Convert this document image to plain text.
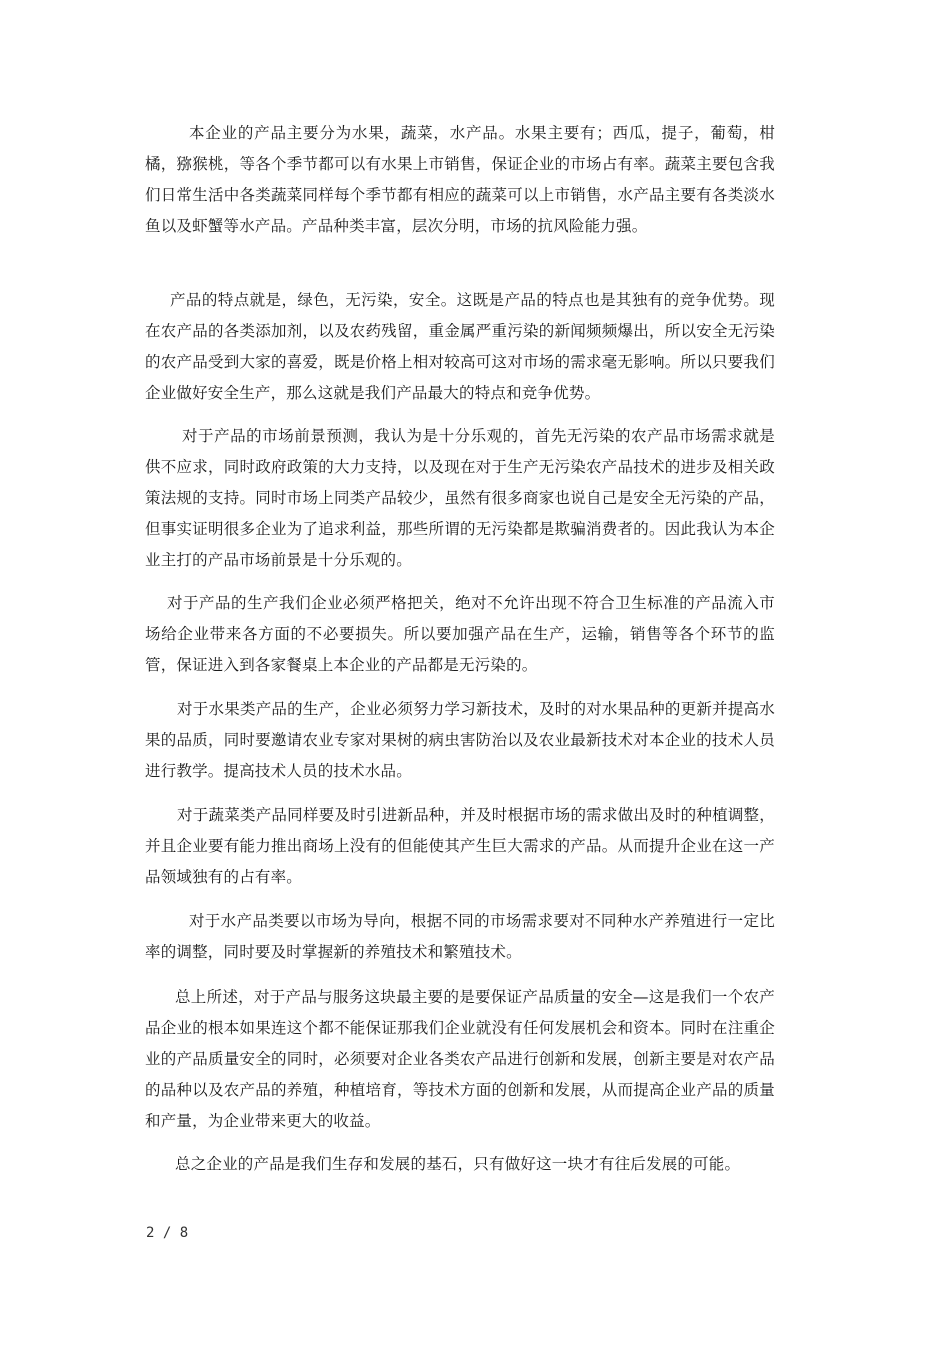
本企业的产品主要分为水果，蔬菜，水产品。水果主要有；西瓜，提子，葡萄，柑橘，猕猴桃，等各个季节都可以有水果上市销售，保证企业的市场占有率。蔬菜主要包含我们日常生活中各类蔬菜同样每个季节都有相应的蔬菜可以上市销售，水产品主要有各类淡水鱼以及虾蟹等水产品。产品种类丰富，层次分明，市场的抗风险能力强。

产品的特点就是，绿色，无污染，安全。这既是产品的特点也是其独有的竞争优势。现在农产品的各类添加剂，以及农药残留，重金属严重污染的新闻频频爆出，所以安全无污染的农产品受到大家的喜爱，既是价格上相对较高可这对市场的需求毫无影响。所以只要我们企业做好安全生产，那么这就是我们产品最大的特点和竞争优势。

对于产品的市场前景预测，我认为是十分乐观的，首先无污染的农产品市场需求就是供不应求，同时政府政策的大力支持，以及现在对于生产无污染农产品技术的进步及相关政策法规的支持。同时市场上同类产品较少，虽然有很多商家也说自己是安全无污染的产品，但事实证明很多企业为了追求利益，那些所谓的无污染都是欺骗消费者的。因此我认为本企业主打的产品市场前景是十分乐观的。

对于产品的生产我们企业必须严格把关，绝对不允许出现不符合卫生标准的产品流入市场给企业带来各方面的不必要损失。所以要加强产品在生产，运输，销售等各个环节的监管，保证进入到各家餐桌上本企业的产品都是无污染的。

对于水果类产品的生产，企业必须努力学习新技术，及时的对水果品种的更新并提高水果的品质，同时要邀请农业专家对果树的病虫害防治以及农业最新技术对本企业的技术人员进行教学。提高技术人员的技术水品。

对于蔬菜类产品同样要及时引进新品种，并及时根据市场的需求做出及时的种植调整，并且企业要有能力推出商场上没有的但能使其产生巨大需求的产品。从而提升企业在这一产品领域独有的占有率。

对于水产品类要以市场为导向，根据不同的市场需求要对不同种水产养殖进行一定比率的调整，同时要及时掌握新的养殖技术和繁殖技术。

总上所述，对于产品与服务这块最主要的是要保证产品质量的安全—这是我们一个农产品企业的根本如果连这个都不能保证那我们企业就没有任何发展机会和资本。同时在注重企业的产品质量安全的同时，必须要对企业各类农产品进行创新和发展，创新主要是对农产品的品种以及农产品的养殖，种植培育，等技术方面的创新和发展，从而提高企业产品的质量和产量，为企业带来更大的收益。

总之企业的产品是我们生存和发展的基石，只有做好这一块才有往后发展的可能。

2 / 8
